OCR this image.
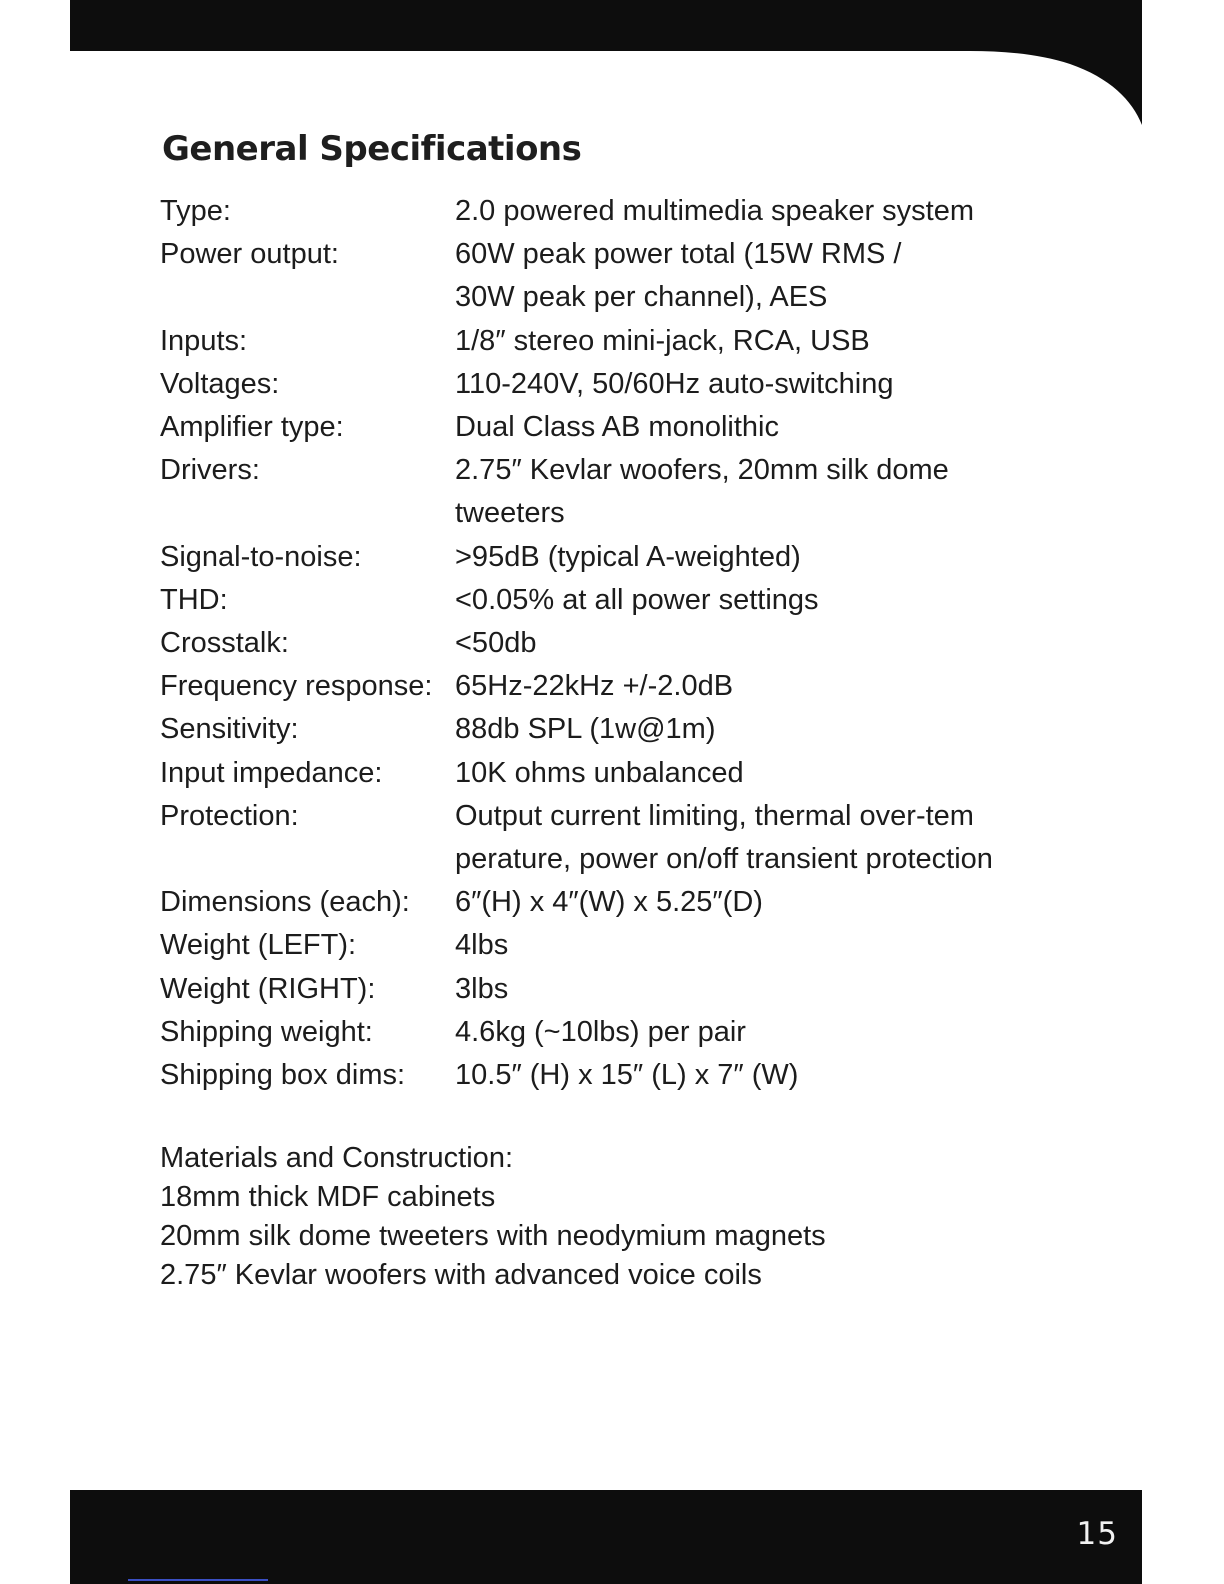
General Specifications
Type:	2.0 powered multimedia speaker system
Power output:	60W peak power total (15W RMS /
30W peak per channel), AES
Inputs:	1/8″ stereo mini-jack, RCA, USB
Voltages:	110-240V, 50/60Hz auto-switching
Amplifier type:	Dual Class AB monolithic
Drivers:	2.75″ Kevlar woofers, 20mm silk dome
tweeters
Signal-to-noise:	>95dB (typical A-weighted)
THD:	<0.05% at all power settings
Crosstalk:	<50db
Frequency response: 65Hz-22kHz +/-2.0dB
Sensitivity:	88db SPL (1w@1m)
Input impedance:	10K ohms unbalanced
Protection:	Output current limiting, thermal over-tem
perature, power on/off transient protection
Dimensions (each):	6″(H) x 4″(W) x 5.25″(D)
Weight (LEFT):	4lbs
Weight (RIGHT):	3lbs
Shipping weight:	4.6kg (~10lbs) per pair
Shipping box dims:	10.5″ (H) x 15″ (L) x 7″ (W)
Materials and Construction:
18mm thick MDF cabinets
20mm silk dome tweeters with neodymium magnets
2.75″ Kevlar woofers with advanced voice coils
15
